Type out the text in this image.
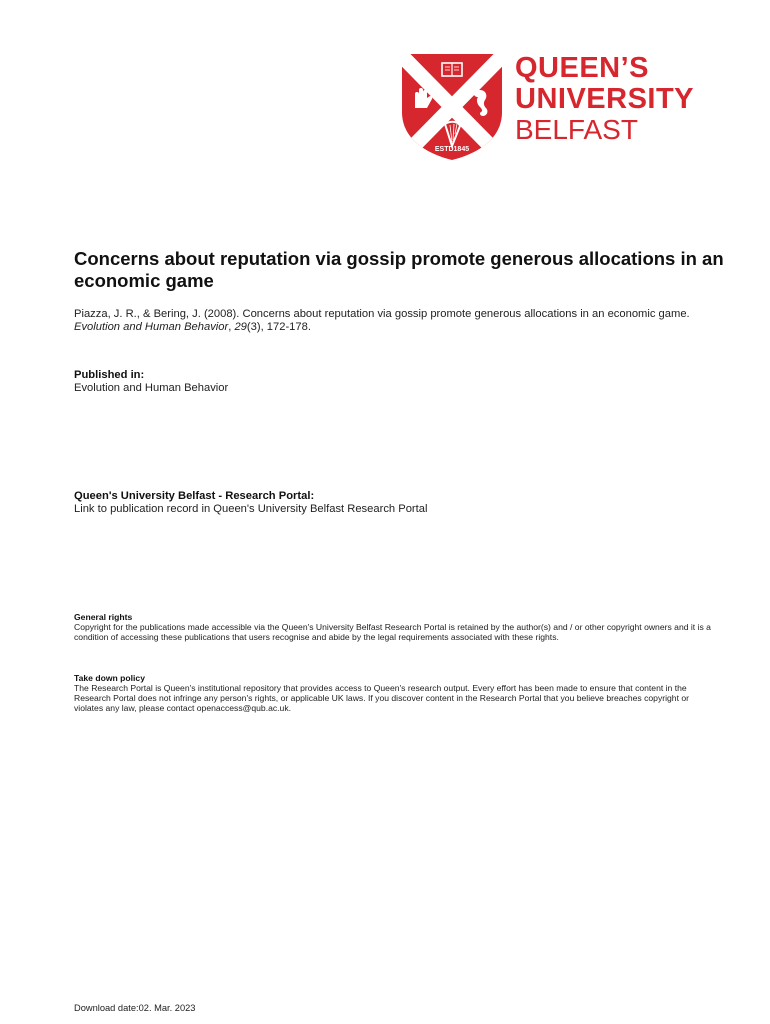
ESTD1845
QUEEN’S
UNIVERSITY
BELFAST
Concerns about reputation via gossip promote generous allocations in an economic game
Piazza, J. R., & Bering, J. (2008). Concerns about reputation via gossip promote generous allocations in an economic game. Evolution and Human Behavior, 29(3), 172-178.
Published in:
Evolution and Human Behavior
Queen's University Belfast - Research Portal:
Link to publication record in Queen's University Belfast Research Portal
General rights
Copyright for the publications made accessible via the Queen's University Belfast Research Portal is retained by the author(s) and / or other copyright owners and it is a condition of accessing these publications that users recognise and abide by the legal requirements associated with these rights.
Take down policy
The Research Portal is Queen's institutional repository that provides access to Queen's research output. Every effort has been made to ensure that content in the Research Portal does not infringe any person's rights, or applicable UK laws. If you discover content in the Research Portal that you believe breaches copyright or violates any law, please contact openaccess@qub.ac.uk.
Download date:02. Mar. 2023
